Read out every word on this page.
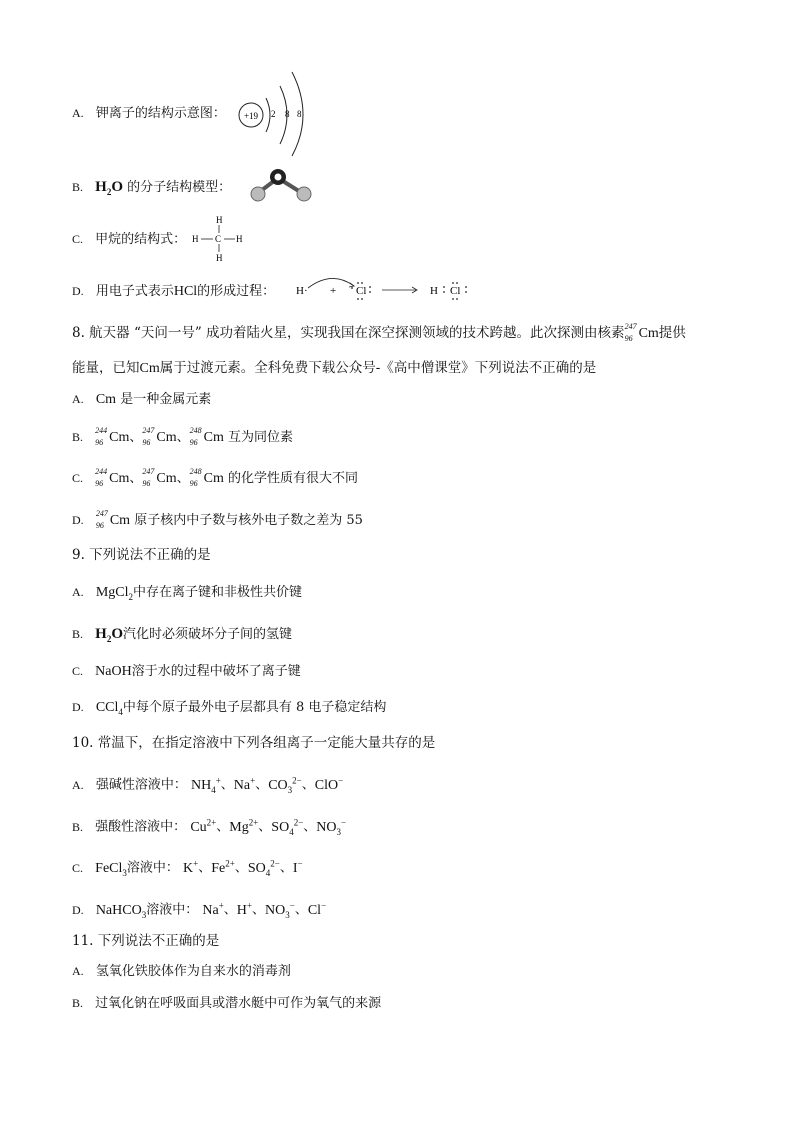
A. 钾离子的结构示意图： +19 2 8 8
B. $H_2O$ 的分子结构模型：
C. 甲烷的结构式：
H
H C H
H
D. 用电子式表示HCl的形成过程： H· + Cl	H Cl
8. 航天器 “天问一号” 成功着陆火星，实现我国在深空探测领域的技术跨越。此次探测由核素 247
96 Cm提供
能量，已知Cm属于过渡元素。全科免费下载公众号-《高中僧课堂》下列说法不正确的是
A. Cm 是一种金属元素
B. 244
96 Cm、 247
96 Cm、 248
96 Cm 互为同位素
C. 244
96 Cm、 247
96 Cm、 248
96 Cm 的化学性质有很大不同
D. 247
96 Cm 原子核内中子数与核外电子数之差为 55
9. 下列说法不正确的是
A. MgCl$_2$中存在离子键和非极性共价键
B. $H_2O$汽化时必须破坏分子间的氢键
C. NaOH溶于水的过程中破坏了离子键
D. CCl$_4$中每个原子最外电子层都具有 8 电子稳定结构
10. 常温下，在指定溶液中下列各组离子一定能大量共存的是
A. 强碱性溶液中： $NH_4^+$、Na+、$CO_3^{2-}$、ClO−
B. 强酸性溶液中： $Cu^{2+}$、$Mg^{2+}$、$SO_4^{2-}$、$NO_3^-$
C. FeCl$_3$溶液中： K+、$Fe^{2+}$、$SO_4^{2-}$、I−
D. NaHCO$_3$溶液中： Na+、H+、$NO_3^-$、Cl−
11. 下列说法不正确的是
A. 氢氧化铁胶体作为自来水的消毒剂
B. 过氧化钠在呼吸面具或潜水艇中可作为氧气的来源
